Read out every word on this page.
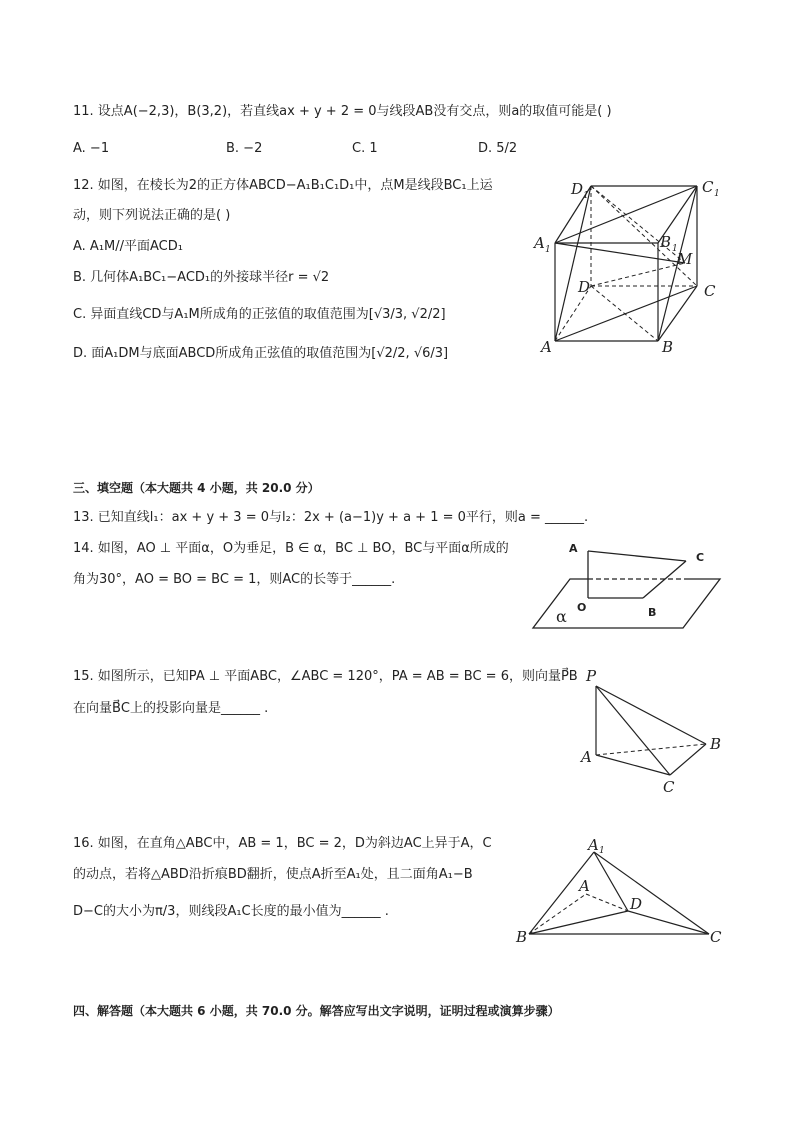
11. 设点A(−2,3)，B(3,2)，若直线ax + y + 2 = 0与线段AB没有交点，则a的取值可能是( )
A. −1	B. −2	C. 1	D. 5/2
12. 如图，在棱长为2的正方体ABCD−A₁B₁C₁D₁中，点M是线段BC₁上运
动，则下列说法正确的是( )
A. A₁M//平面ACD₁
B. 几何体A₁BC₁−ACD₁的外接球半径r = √2
C. 异面直线CD与A₁M所成角的正弦值的取值范围为[√3/3, √2/2]
D. 面A₁DM与底面ABCD所成角正弦值的取值范围为[√2/2, √6/3]
D 1	C 1
A 1	B 1
M
D	C
A	B
三、填空题（本大题共 4 小题，共 20.0 分）
13. 已知直线l₁：ax + y + 3 = 0与l₂：2x + (a−1)y + a + 1 = 0平行，则a = ______.
14. 如图，AO ⊥ 平面α，O为垂足，B ∈ α，BC ⊥ BO，BC与平面α所成的
角为30°，AO = BO = BC = 1，则AC的长等于______.
A
C
O	B
α
15. 如图所示，已知PA ⊥ 平面ABC，∠ABC = 120°，PA = AB = BC = 6，则向量P⃗B
在向量B⃗C上的投影向量是______ .
P
A
B
C
16. 如图，在直角△ABC中，AB = 1，BC = 2，D为斜边AC上异于A，C
的动点，若将△ABD沿折痕BD翻折，使点A折至A₁处，且二面角A₁−B
D−C的大小为π/3，则线段A₁C长度的最小值为______ .
A 1
A
D
B	C
四、解答题（本大题共 6 小题，共 70.0 分。解答应写出文字说明，证明过程或演算步骤）
